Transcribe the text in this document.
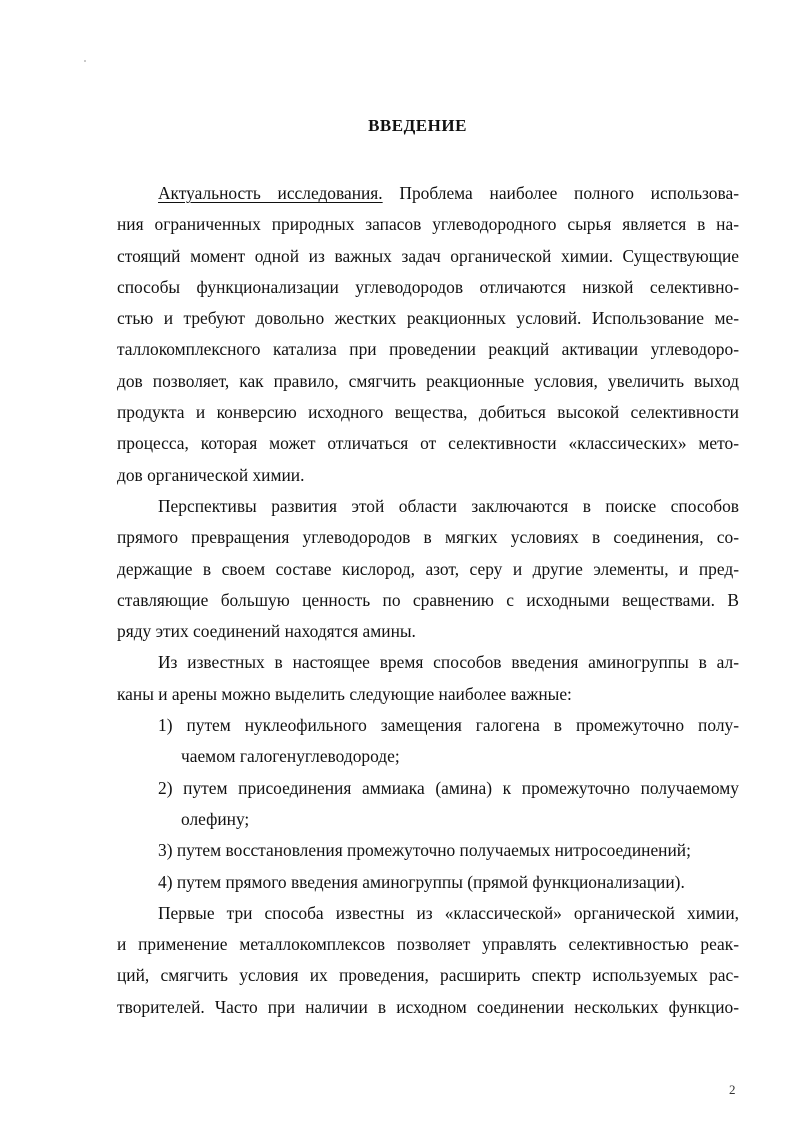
ВВЕДЕНИЕ
Актуальность исследования. Проблема наиболее полного использова-
ния ограниченных природных запасов углеводородного сырья является в на-
стоящий момент одной из важных задач органической химии. Существующие
способы функционализации углеводородов отличаются низкой селективно-
стью и требуют довольно жестких реакционных условий. Использование ме-
таллокомплексного катализа при проведении реакций активации углеводоро-
дов позволяет, как правило, смягчить реакционные условия, увеличить выход
продукта и конверсию исходного вещества, добиться высокой селективности
процесса, которая может отличаться от селективности «классических» мето-
дов органической химии.
Перспективы развития этой области заключаются в поиске способов
прямого превращения углеводородов в мягких условиях в соединения, со-
держащие в своем составе кислород, азот, серу и другие элементы, и пред-
ставляющие большую ценность по сравнению с исходными веществами. В
ряду этих соединений находятся амины.
Из известных в настоящее время способов введения аминогруппы в ал-
каны и арены можно выделить следующие наиболее важные:
1) путем нуклеофильного замещения галогена в промежуточно полу-
чаемом галогенуглеводороде;
2) путем присоединения аммиака (амина) к промежуточно получаемому
олефину;
3) путем восстановления промежуточно получаемых нитросоединений;
4) путем прямого введения аминогруппы (прямой функционализации).
Первые три способа известны из «классической» органической химии,
и применение металлокомплексов позволяет управлять селективностью реак-
ций, смягчить условия их проведения, расширить спектр используемых рас-
творителей. Часто при наличии в исходном соединении нескольких функцио-
2
